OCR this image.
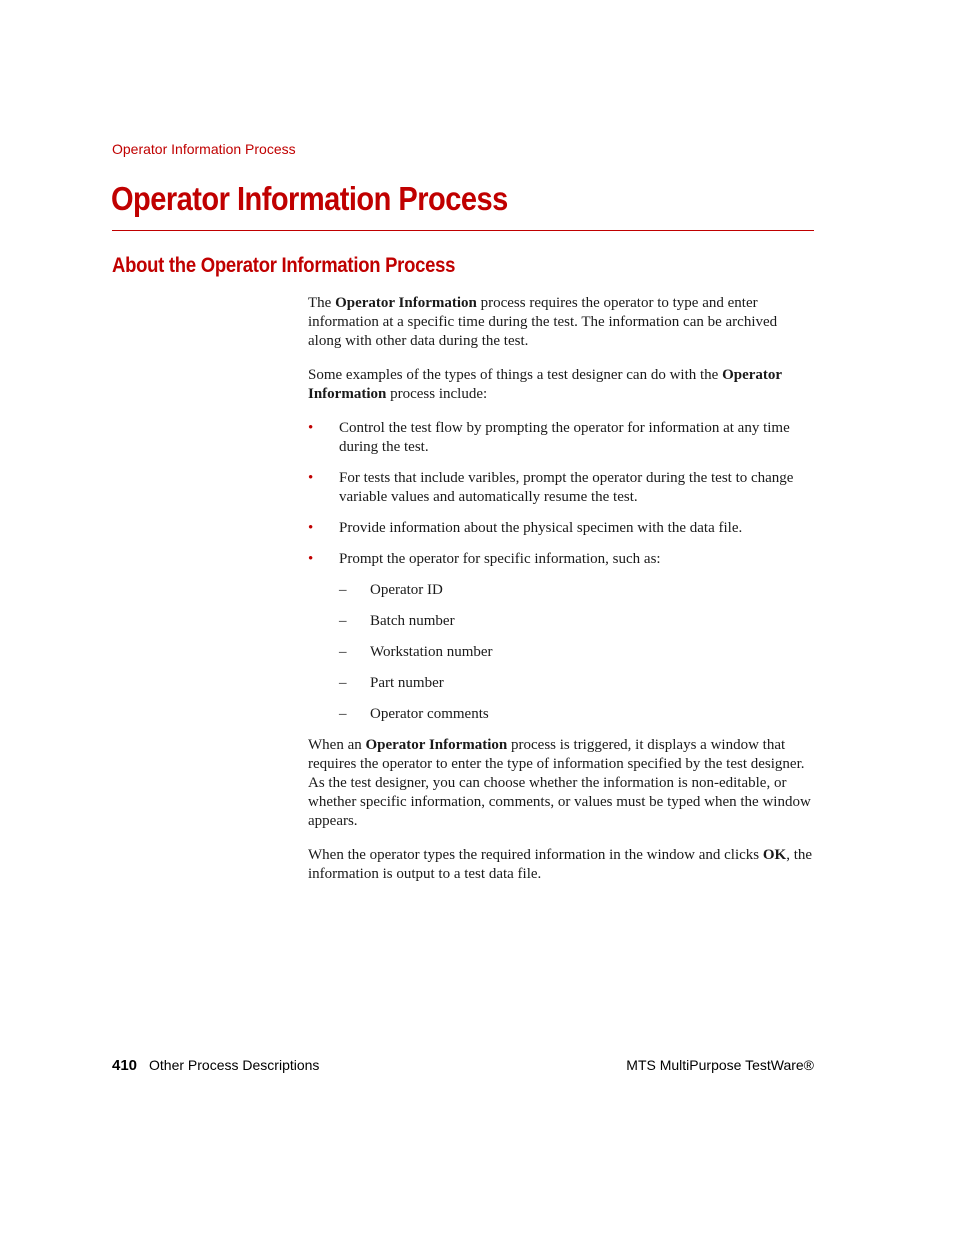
Operator Information Process
Operator Information Process
About the Operator Information Process

The Operator Information process requires the operator to type and enter information at a specific time during the test. The information can be archived along with other data during the test.

Some examples of the types of things a test designer can do with the Operator Information process include:

• Control the test flow by prompting the operator for information at any time during the test.
• For tests that include varibles, prompt the operator during the test to change variable values and automatically resume the test.
• Provide information about the physical specimen with the data file.
• Prompt the operator for specific information, such as:
– Operator ID
– Batch number
– Workstation number
– Part number
– Operator comments

When an Operator Information process is triggered, it displays a window that requires the operator to enter the type of information specified by the test designer. As the test designer, you can choose whether the information is non-editable, or whether specific information, comments, or values must be typed when the window appears.

When the operator types the required information in the window and clicks OK, the information is output to a test data file.

410 Other Process Descriptions	MTS MultiPurpose TestWare®
